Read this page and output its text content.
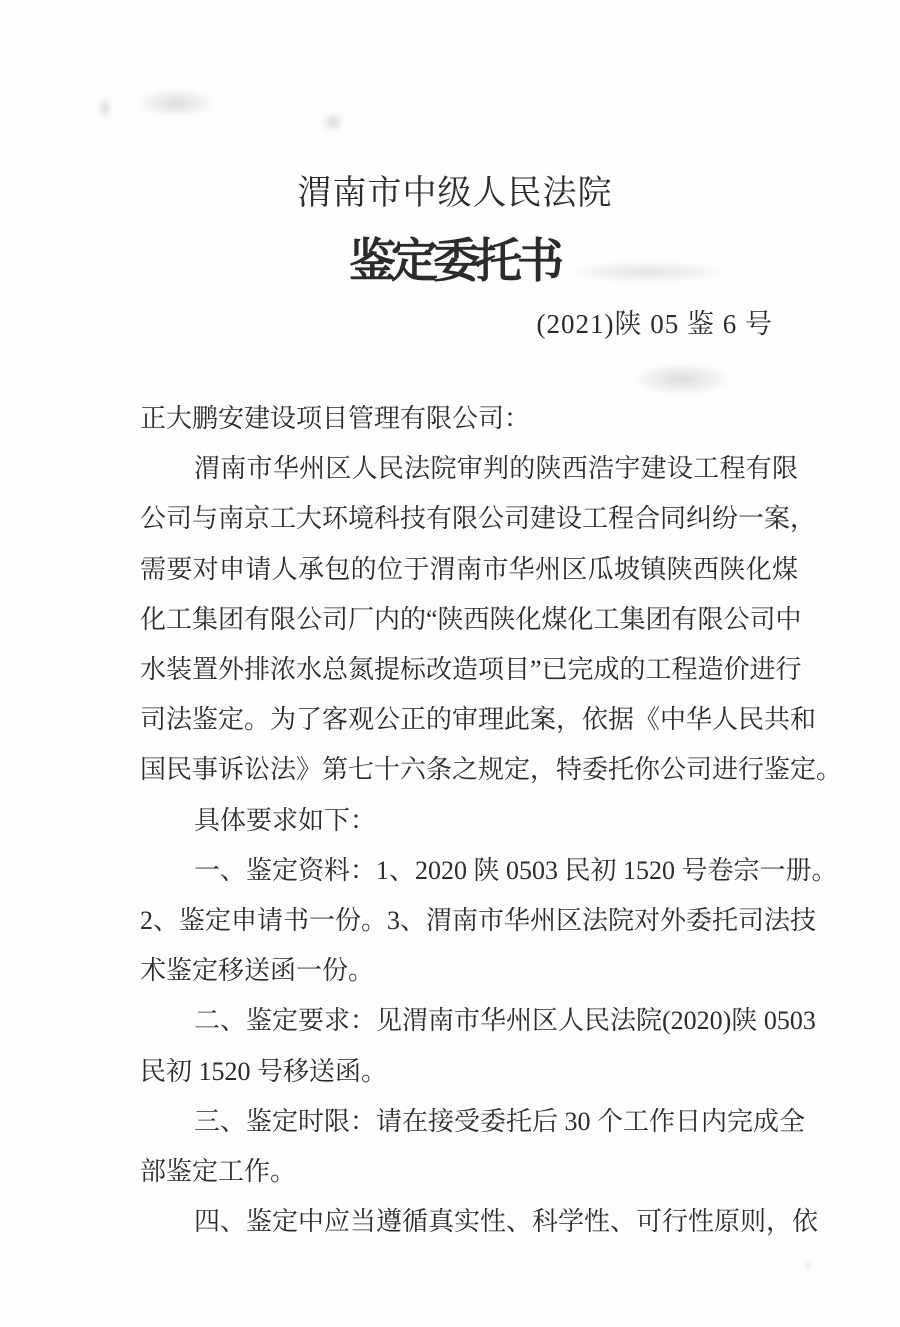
渭南市中级人民法院
鉴定委托书
(2021)陕 05 鉴 6 号
正大鹏安建设项目管理有限公司：
渭南市华州区人民法院审判的陕西浩宇建设工程有限
公司与南京工大环境科技有限公司建设工程合同纠纷一案，
需要对申请人承包的位于渭南市华州区瓜坡镇陕西陕化煤
化工集团有限公司厂内的“陕西陕化煤化工集团有限公司中
水装置外排浓水总氮提标改造项目”已完成的工程造价进行
司法鉴定。为了客观公正的审理此案，依据《中华人民共和
国民事诉讼法》第七十六条之规定，特委托你公司进行鉴定。
具体要求如下：
一、鉴定资料：1、2020 陕 0503 民初 1520 号卷宗一册。
2、鉴定申请书一份。3、渭南市华州区法院对外委托司法技
术鉴定移送函一份。
二、鉴定要求：见渭南市华州区人民法院(2020)陕 0503
民初 1520 号移送函。
三、鉴定时限：请在接受委托后 30 个工作日内完成全
部鉴定工作。
四、鉴定中应当遵循真实性、科学性、可行性原则，依
